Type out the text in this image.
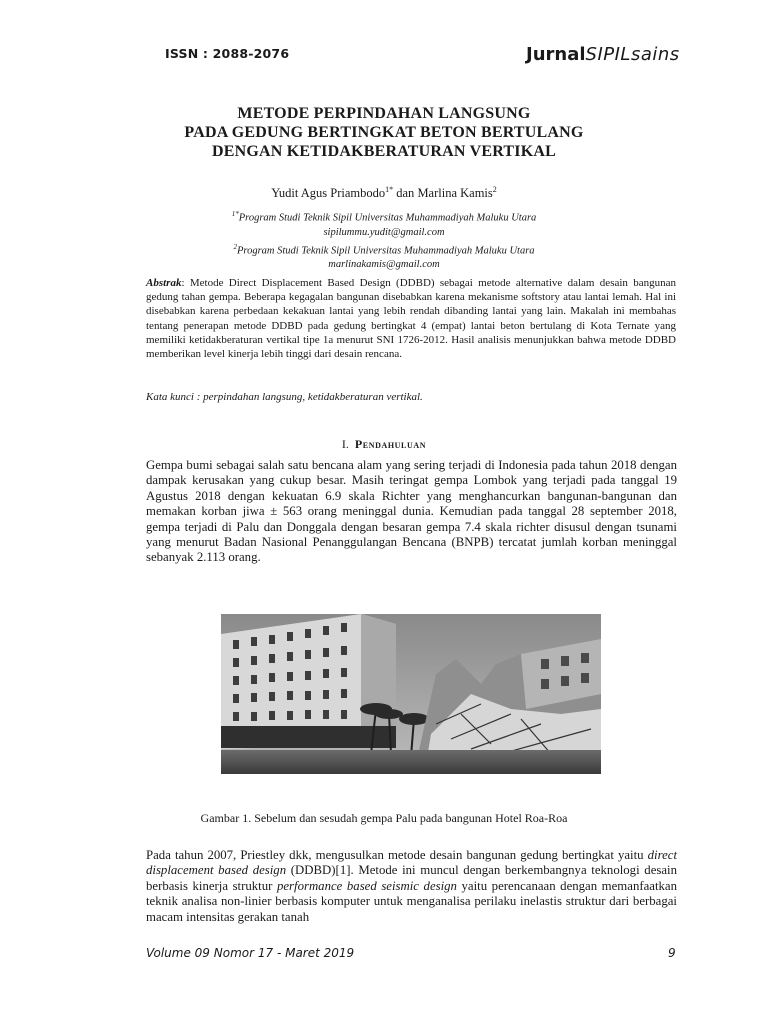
ISSN : 2088-2076	JurnalSIPILsains
METODE PERPINDAHAN LANGSUNG
PADA GEDUNG BERTINGKAT BETON BERTULANG
DENGAN KETIDAKBERATURAN VERTIKAL
Yudit Agus Priambodo$^{1*}$ dan Marlina Kamis$^2$
$^{1*}$Program Studi Teknik Sipil Universitas Muhammadiyah Maluku Utara
sipilummu.yudit@gmail.com
$^2$Program Studi Teknik Sipil Universitas Muhammadiyah Maluku Utara
marlinakamis@gmail.com
Abstrak: Metode Direct Displacement Based Design (DDBD) sebagai metode alternative dalam desain bangunan gedung tahan gempa. Beberapa kegagalan bangunan disebabkan karena mekanisme softstory atau lantai lemah. Hal ini disebabkan karena perbedaan kekakuan lantai yang lebih rendah dibanding lantai yang lain. Makalah ini membahas tentang penerapan metode DDBD pada gedung bertingkat 4 (empat) lantai beton bertulang di Kota Ternate yang memiliki ketidakberaturan vertikal tipe 1a menurut SNI 1726-2012. Hasil analisis menunjukkan bahwa metode DDBD memberikan level kinerja lebih tinggi dari desain rencana.
Kata kunci : perpindahan langsung, ketidakberaturan vertikal.
I. Pendahuluan
Gempa bumi sebagai salah satu bencana alam yang sering terjadi di Indonesia pada tahun 2018 dengan dampak kerusakan yang cukup besar. Masih teringat gempa Lombok yang terjadi pada tanggal 19 Agustus 2018 dengan kekuatan 6.9 skala Richter yang menghancurkan bangunan-bangunan dan memakan korban jiwa ± 563 orang meninggal dunia. Kemudian pada tanggal 28 september 2018, gempa terjadi di Palu dan Donggala dengan besaran gempa 7.4 skala richter disusul dengan tsunami yang menurut Badan Nasional Penanggulangan Bencana (BNPB) tercatat jumlah korban meninggal sebanyak 2.113 orang.
Gambar 1. Sebelum dan sesudah gempa Palu pada bangunan Hotel Roa-Roa
Pada tahun 2007, Priestley dkk, mengusulkan metode desain bangunan gedung bertingkat yaitu direct displacement based design (DDBD)[1]. Metode ini muncul dengan berkembangnya teknologi desain berbasis kinerja struktur performance based seismic design yaitu perencanaan dengan memanfaatkan teknik analisa non-linier berbasis komputer untuk menganalisa perilaku inelastis struktur dari berbagai macam intensitas gerakan tanah
Volume 09 Nomor 17 - Maret 2019	9
